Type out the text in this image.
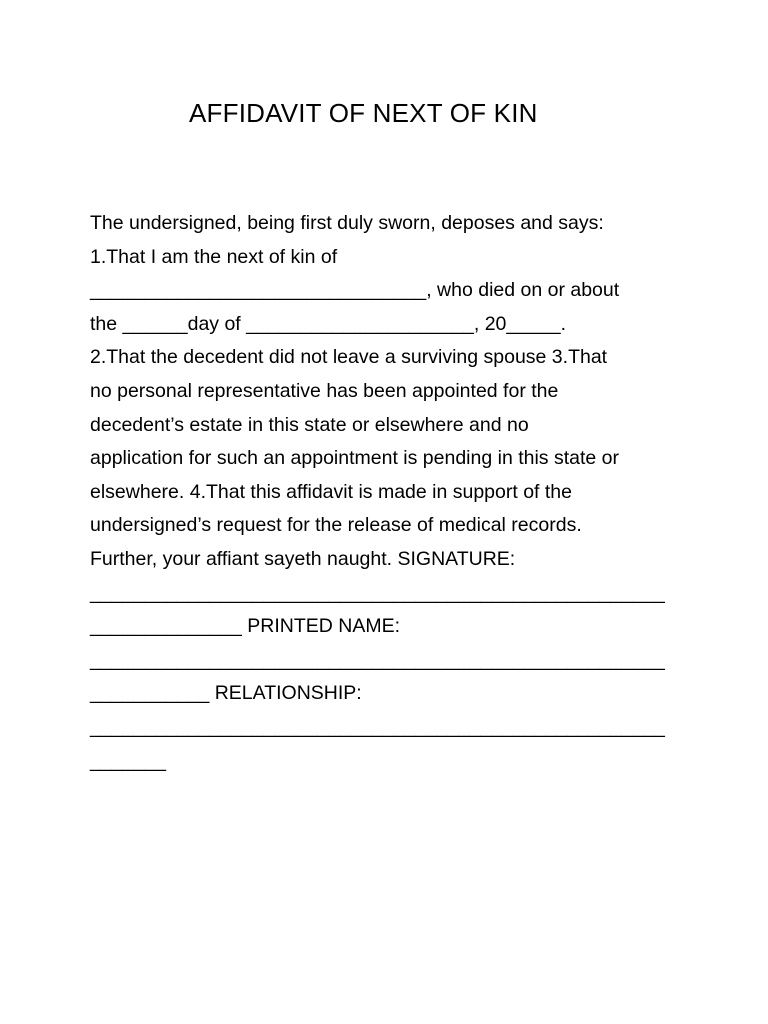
AFFIDAVIT OF NEXT OF KIN
The undersigned, being first duly sworn, deposes and says:
1.That I am the next of kin of
_______________________________, who died on or about
the ______day of _____________________, 20_____.
2.That the decedent did not leave a surviving spouse 3.That
no personal representative has been appointed for the
decedent’s estate in this state or elsewhere and no
application for such an appointment is pending in this state or
elsewhere. 4.That this affidavit is made in support of the
undersigned’s request for the release of medical records.
Further, your affiant sayeth naught. SIGNATURE:
_____________________________________________________
______________ PRINTED NAME:
_____________________________________________________
___________ RELATIONSHIP:
_____________________________________________________
_______
